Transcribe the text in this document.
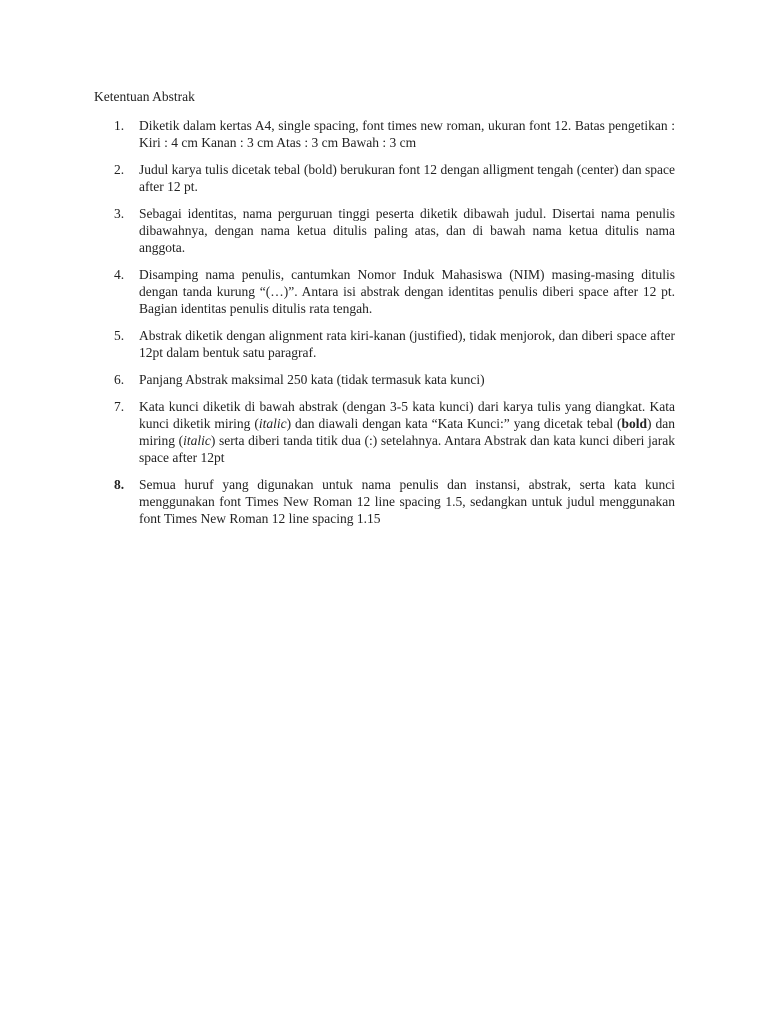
Ketentuan Abstrak
1. Diketik dalam kertas A4, single spacing, font times new roman, ukuran font 12. Batas pengetikan : Kiri : 4 cm Kanan : 3 cm Atas : 3 cm Bawah : 3 cm
2. Judul karya tulis dicetak tebal (bold) berukuran font 12 dengan alligment tengah (center) dan space after 12 pt.
3. Sebagai identitas, nama perguruan tinggi peserta diketik dibawah judul. Disertai nama penulis dibawahnya, dengan nama ketua ditulis paling atas, dan di bawah nama ketua ditulis nama anggota.
4. Disamping nama penulis, cantumkan Nomor Induk Mahasiswa (NIM) masing-masing ditulis dengan tanda kurung “(…)”. Antara isi abstrak dengan identitas penulis diberi space after 12 pt. Bagian identitas penulis ditulis rata tengah.
5. Abstrak diketik dengan alignment rata kiri-kanan (justified), tidak menjorok, dan diberi space after 12pt dalam bentuk satu paragraf.
6. Panjang Abstrak maksimal 250 kata (tidak termasuk kata kunci)
7. Kata kunci diketik di bawah abstrak (dengan 3-5 kata kunci) dari karya tulis yang diangkat. Kata kunci diketik miring (italic) dan diawali dengan kata “Kata Kunci:” yang dicetak tebal (bold) dan miring (italic) serta diberi tanda titik dua (:) setelahnya. Antara Abstrak dan kata kunci diberi jarak space after 12pt
8. Semua huruf yang digunakan untuk nama penulis dan instansi, abstrak, serta kata kunci menggunakan font Times New Roman 12 line spacing 1.5, sedangkan untuk judul menggunakan font Times New Roman 12 line spacing 1.15
